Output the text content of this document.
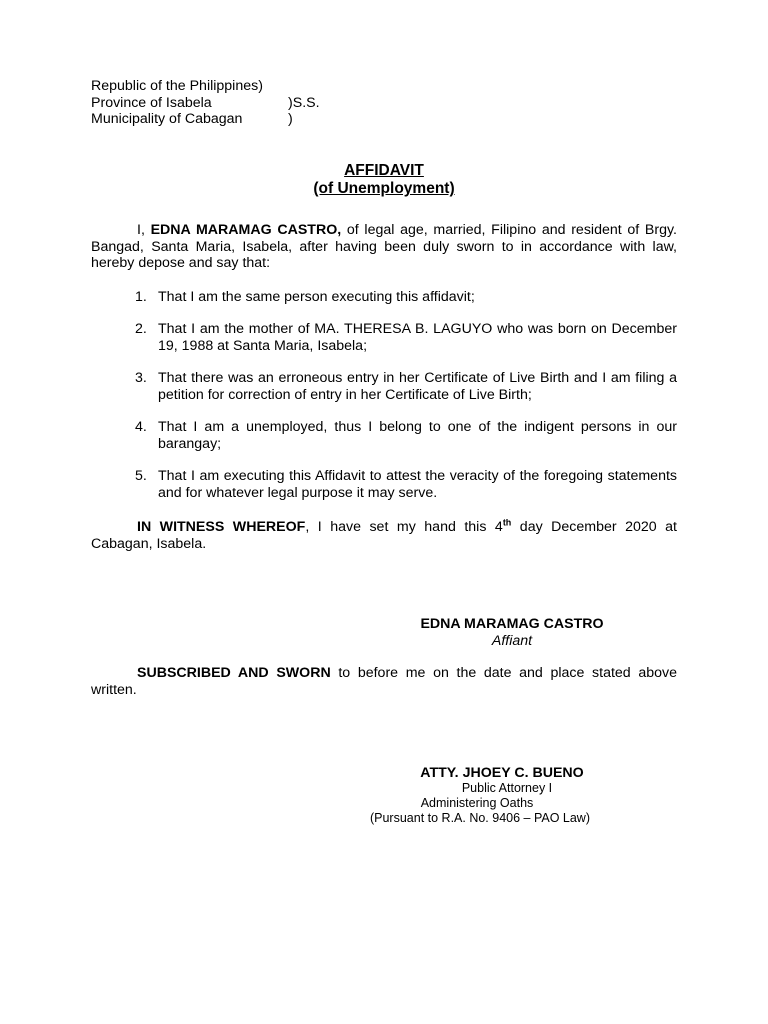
Republic of the Philippines)
Province of Isabela	)S.S.
Municipality of Cabagan	)
AFFIDAVIT
(of Unemployment)
I, EDNA MARAMAG CASTRO, of legal age, married, Filipino and resident of Brgy. Bangad, Santa Maria, Isabela, after having been duly sworn to in accordance with law, hereby depose and say that:
1. That I am the same person executing this affidavit;
2. That I am the mother of MA. THERESA B. LAGUYO who was born on December 19, 1988 at Santa Maria, Isabela;
3. That there was an erroneous entry in her Certificate of Live Birth and I am filing a petition for correction of entry in her Certificate of Live Birth;
4. That I am a unemployed, thus I belong to one of the indigent persons in our barangay;
5. That I am executing this Affidavit to attest the veracity of the foregoing statements and for whatever legal purpose it may serve.
IN WITNESS WHEREOF, I have set my hand this 4th day December 2020 at Cabagan, Isabela.
EDNA MARAMAG CASTRO
Affiant
SUBSCRIBED AND SWORN to before me on the date and place stated above written.
ATTY. JHOEY C. BUENO
Public Attorney I
Administering Oaths
(Pursuant to R.A. No. 9406 – PAO Law)
